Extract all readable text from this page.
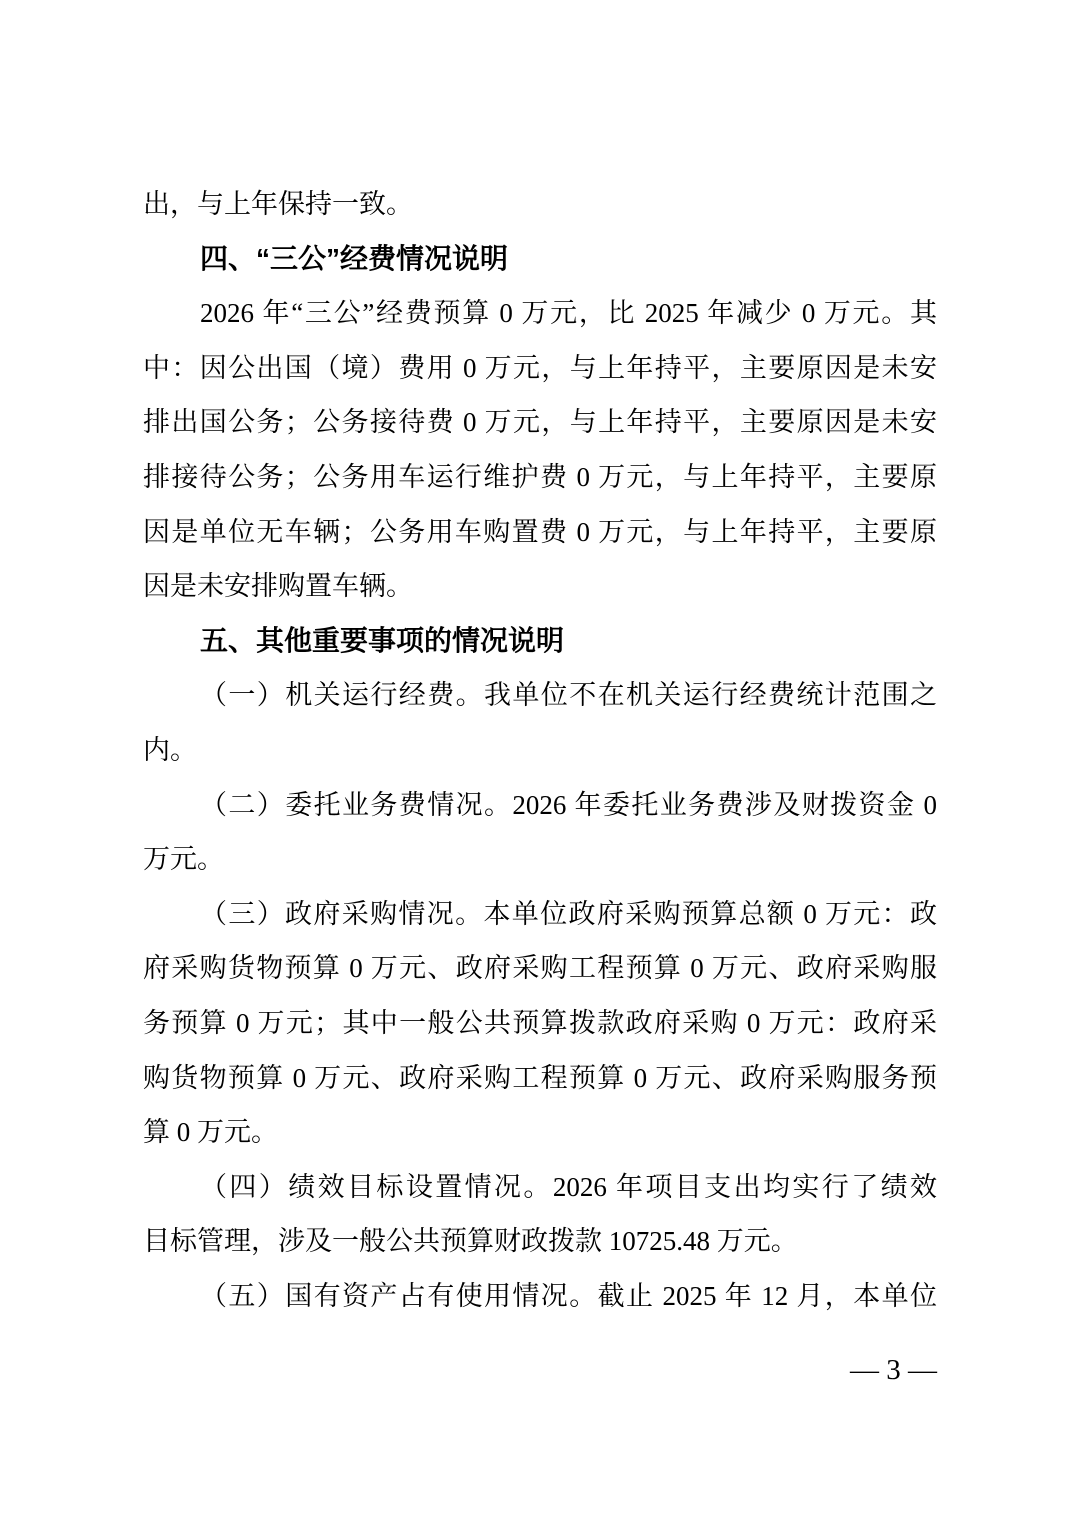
出，与上年保持一致。
四、“三公”经费情况说明
2026 年“三公”经费预算 0 万元，比 2025 年减少 0 万元。其
中：因公出国（境）费用 0 万元，与上年持平，主要原因是未安
排出国公务；公务接待费 0 万元，与上年持平，主要原因是未安
排接待公务；公务用车运行维护费 0 万元，与上年持平，主要原
因是单位无车辆；公务用车购置费 0 万元，与上年持平，主要原
因是未安排购置车辆。
五、其他重要事项的情况说明
（一）机关运行经费。我单位不在机关运行经费统计范围之
内。
（二）委托业务费情况。2026 年委托业务费涉及财拨资金 0
万元。
（三）政府采购情况。本单位政府采购预算总额 0 万元：政
府采购货物预算 0 万元、政府采购工程预算 0 万元、政府采购服
务预算 0 万元；其中一般公共预算拨款政府采购 0 万元：政府采
购货物预算 0 万元、政府采购工程预算 0 万元、政府采购服务预
算 0 万元。
（四）绩效目标设置情况。2026 年项目支出均实行了绩效
目标管理，涉及一般公共预算财政拨款 10725.48 万元。
（五）国有资产占有使用情况。截止 2025 年 12 月，本单位
— 3 —
